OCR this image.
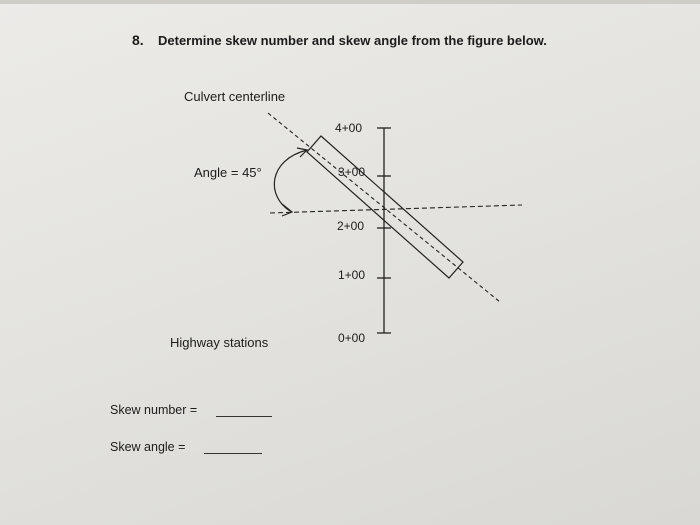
8. Determine skew number and skew angle from the figure below.
Culvert centerline
Angle = 45°
Highway stations
4+00
3+00
2+00
1+00
0+00
Skew number =
Skew angle =
